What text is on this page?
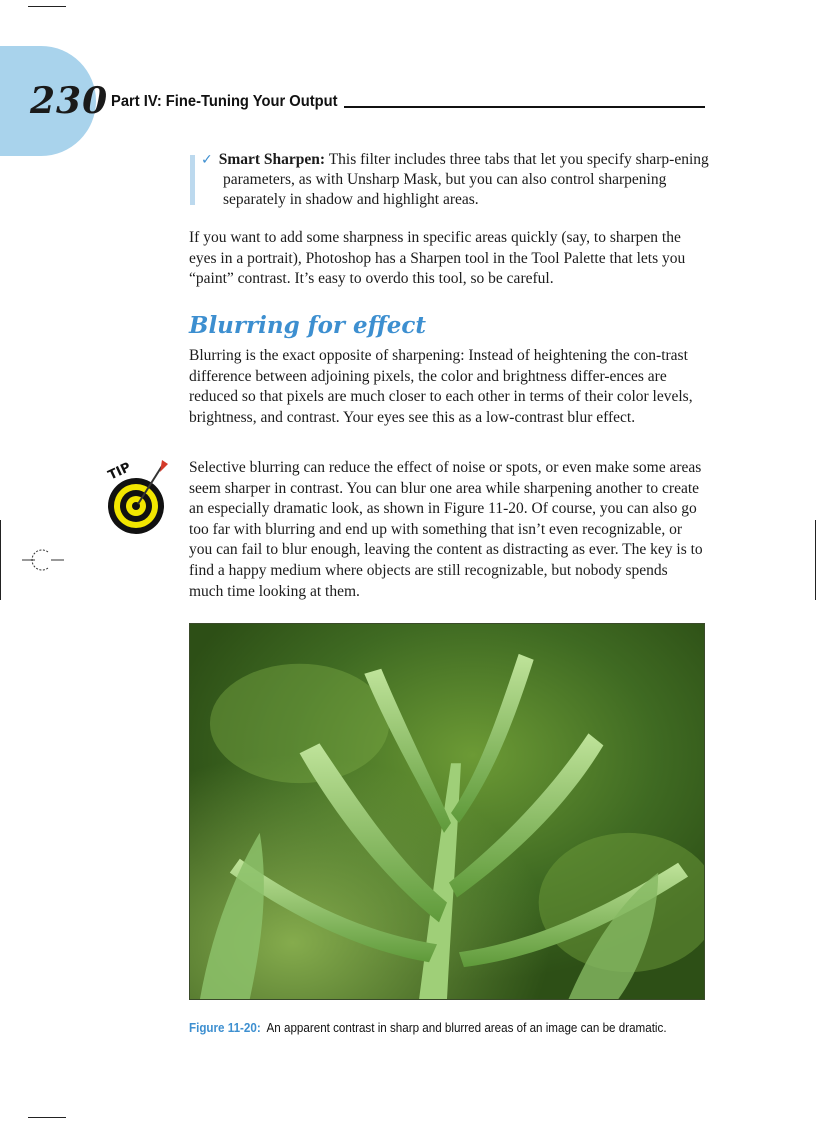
230 Part IV: Fine-Tuning Your Output
✓ Smart Sharpen: This filter includes three tabs that let you specify sharp-ening parameters, as with Unsharp Mask, but you can also control sharpening separately in shadow and highlight areas.
If you want to add some sharpness in specific areas quickly (say, to sharpen the eyes in a portrait), Photoshop has a Sharpen tool in the Tool Palette that lets you “paint” contrast. It’s easy to overdo this tool, so be careful.
Blurring for effect
Blurring is the exact opposite of sharpening: Instead of heightening the con-trast difference between adjoining pixels, the color and brightness differ-ences are reduced so that pixels are much closer to each other in terms of their color levels, brightness, and contrast. Your eyes see this as a low-contrast blur effect.
TIP	Selective blurring can reduce the effect of noise or spots, or even make some areas seem sharper in contrast. You can blur one area while sharpening another to create an especially dramatic look, as shown in Figure 11-20. Of course, you can also go too far with blurring and end up with something that isn’t even recognizable, or you can fail to blur enough, leaving the content as distracting as ever. The key is to find a happy medium where objects are still recognizable, but nobody spends much time looking at them.
Figure 11-20: An apparent contrast in sharp and blurred areas of an image can be dramatic.
